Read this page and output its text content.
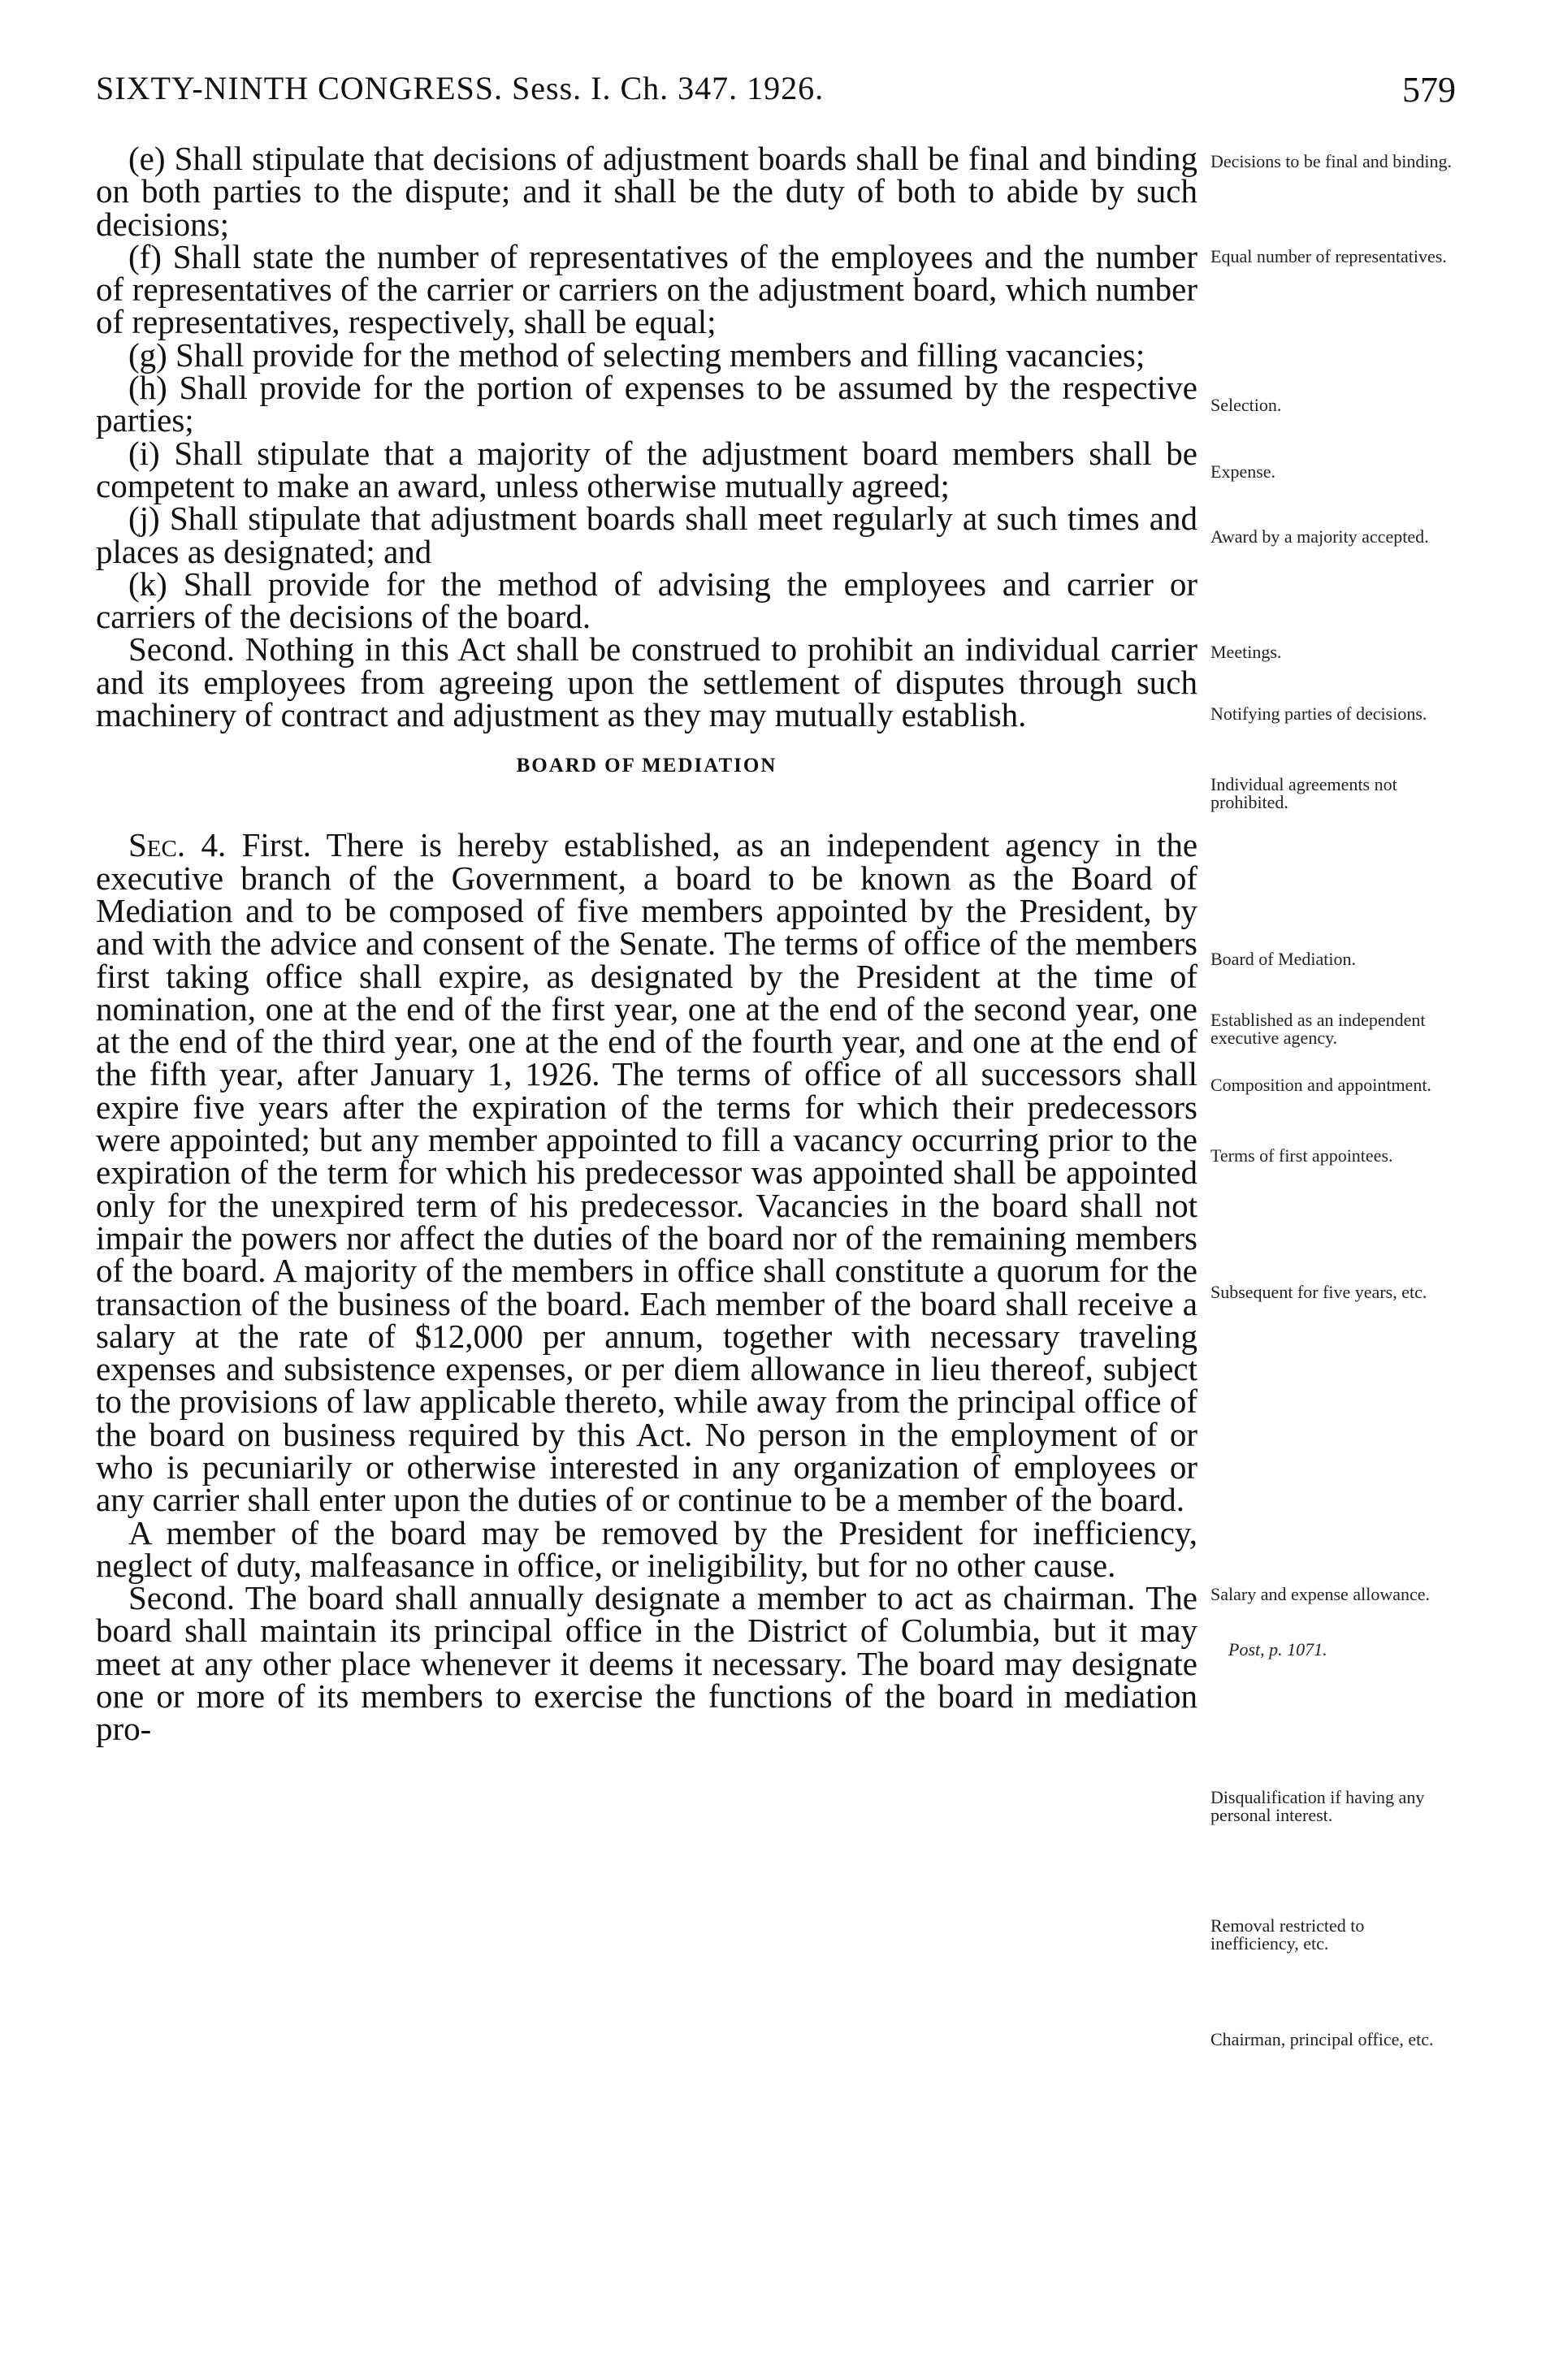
SIXTY-NINTH CONGRESS. Sess. I. Ch. 347. 1926.	579

(e) Shall stipulate that decisions of adjustment boards shall be final and binding on both parties to the dispute; and it shall be the duty of both to abide by such decisions;

(f) Shall state the number of representatives of the employees and the number of representatives of the carrier or carriers on the adjustment board, which number of representatives, respectively, shall be equal;

(g) Shall provide for the method of selecting members and filling vacancies;

(h) Shall provide for the portion of expenses to be assumed by the respective parties;

(i) Shall stipulate that a majority of the adjustment board members shall be competent to make an award, unless otherwise mutually agreed;

(j) Shall stipulate that adjustment boards shall meet regularly at such times and places as designated; and

(k) Shall provide for the method of advising the employees and carrier or carriers of the decisions of the board.

Second. Nothing in this Act shall be construed to prohibit an individual carrier and its employees from agreeing upon the settlement of disputes through such machinery of contract and adjustment as they may mutually establish.

BOARD OF MEDIATION

Sec. 4. First. There is hereby established, as an independent agency in the executive branch of the Government, a board to be known as the Board of Mediation and to be composed of five members appointed by the President, by and with the advice and consent of the Senate. The terms of office of the members first taking office shall expire, as designated by the President at the time of nomination, one at the end of the first year, one at the end of the second year, one at the end of the third year, one at the end of the fourth year, and one at the end of the fifth year, after January 1, 1926. The terms of office of all successors shall expire five years after the expiration of the terms for which their predecessors were appointed; but any member appointed to fill a vacancy occurring prior to the expiration of the term for which his predecessor was appointed shall be appointed only for the unexpired term of his predecessor. Vacancies in the board shall not impair the powers nor affect the duties of the board nor of the remaining members of the board. A majority of the members in office shall constitute a quorum for the transaction of the business of the board. Each member of the board shall receive a salary at the rate of $12,000 per annum, together with necessary traveling expenses and subsistence expenses, or per diem allowance in lieu thereof, subject to the provisions of law applicable thereto, while away from the principal office of the board on business required by this Act. No person in the employment of or who is pecuniarily or otherwise interested in any organization of employees or any carrier shall enter upon the duties of or continue to be a member of the board.

A member of the board may be removed by the President for inefficiency, neglect of duty, malfeasance in office, or ineligibility, but for no other cause.

Second. The board shall annually designate a member to act as chairman. The board shall maintain its principal office in the District of Columbia, but it may meet at any other place whenever it deems it necessary. The board may designate one or more of its members to exercise the functions of the board in mediation pro-

Decisions to be final and binding.
Equal number of representatives.
Selection.
Expense.
Award by a majority accepted.
Meetings.
Notifying parties of decisions.
Individual agreements not prohibited.
Board of Mediation.
Established as an independent executive agency.
Composition and appointment.
Terms of first appointees.
Subsequent for five years, etc.
Salary and expense allowance.
Post, p. 1071.
Disqualification if having any personal interest.
Removal restricted to inefficiency, etc.
Chairman, principal office, etc.
